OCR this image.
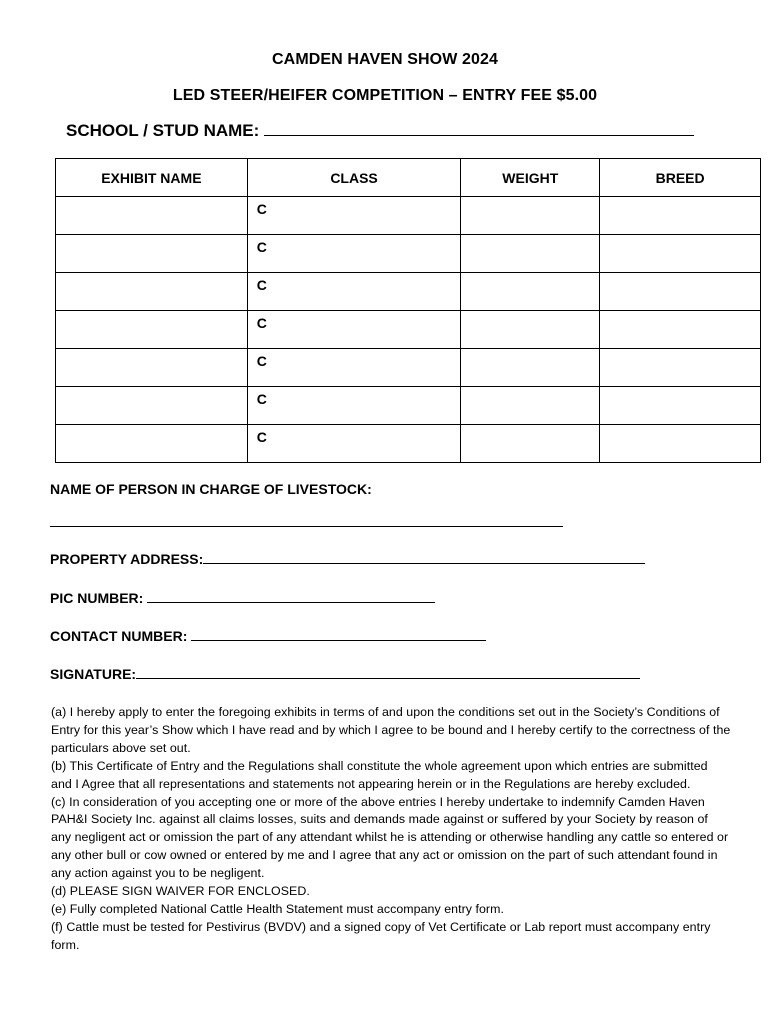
CAMDEN HAVEN SHOW 2024
LED STEER/HEIFER COMPETITION – ENTRY FEE $5.00
SCHOOL / STUD NAME:
EXHIBIT NAME	CLASS	WEIGHT	BREED
	C		
	C		
	C		
	C		
	C		
	C		
	C		
NAME OF PERSON IN CHARGE OF LIVESTOCK:
PROPERTY ADDRESS:
PIC NUMBER:
CONTACT NUMBER:
SIGNATURE:

(a) I hereby apply to enter the foregoing exhibits in terms of and upon the conditions set out in the Society’s Conditions of Entry for this year’s Show which I have read and by which I agree to be bound and I hereby certify to the correctness of the particulars above set out.

(b) This Certificate of Entry and the Regulations shall constitute the whole agreement upon which entries are submitted and I Agree that all representations and statements not appearing herein or in the Regulations are hereby excluded.

(c) In consideration of you accepting one or more of the above entries I hereby undertake to indemnify Camden Haven PAH&I Society Inc. against all claims losses, suits and demands made against or suffered by your Society by reason of any negligent act or omission the part of any attendant whilst he is attending or otherwise handling any cattle so entered or any other bull or cow owned or entered by me and I agree that any act or omission on the part of such attendant found in any action against you to be negligent.

(d) PLEASE SIGN WAIVER FOR ENCLOSED.

(e) Fully completed National Cattle Health Statement must accompany entry form.

(f) Cattle must be tested for Pestivirus (BVDV) and a signed copy of Vet Certificate or Lab report must accompany entry form.
